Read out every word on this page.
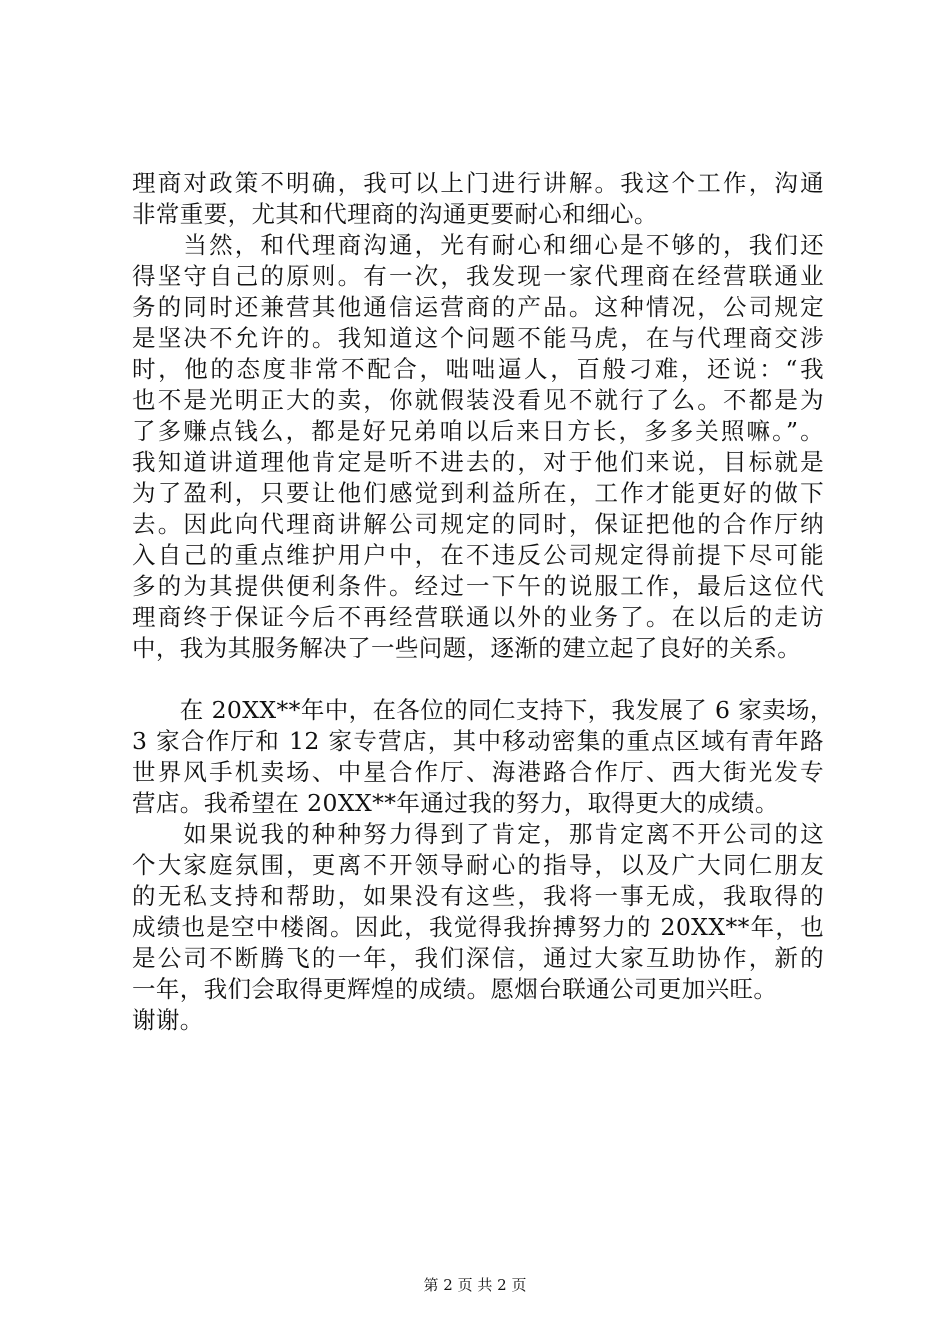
理商对政策不明确，我可以上门进行讲解。我这个工作，沟通
非常重要，尤其和代理商的沟通更要耐心和细心。
　　当然，和代理商沟通，光有耐心和细心是不够的，我们还
得坚守自己的原则。有一次，我发现一家代理商在经营联通业
务的同时还兼营其他通信运营商的产品。这种情况，公司规定
是坚决不允许的。我知道这个问题不能马虎，在与代理商交涉
时，他的态度非常不配合，咄咄逼人，百般刁难，还说：“我
也不是光明正大的卖，你就假装没看见不就行了么。不都是为
了多赚点钱么，都是好兄弟咱以后来日方长，多多关照嘛。”。
我知道讲道理他肯定是听不进去的，对于他们来说，目标就是
为了盈利，只要让他们感觉到利益所在，工作才能更好的做下
去。因此向代理商讲解公司规定的同时，保证把他的合作厅纳
入自己的重点维护用户中，在不违反公司规定得前提下尽可能
多的为其提供便利条件。经过一下午的说服工作，最后这位代
理商终于保证今后不再经营联通以外的业务了。在以后的走访
中，我为其服务解决了一些问题，逐渐的建立起了良好的关系。
　　在 20XX**年中，在各位的同仁支持下，我发展了 6 家卖场，
3 家合作厅和 12 家专营店，其中移动密集的重点区域有青年路
世界风手机卖场、中星合作厅、海港路合作厅、西大街光发专
营店。我希望在 20XX**年通过我的努力，取得更大的成绩。
　　如果说我的种种努力得到了肯定，那肯定离不开公司的这
个大家庭氛围，更离不开领导耐心的指导，以及广大同仁朋友
的无私支持和帮助，如果没有这些，我将一事无成，我取得的
成绩也是空中楼阁。因此，我觉得我拚搏努力的 20XX**年，也
是公司不断腾飞的一年，我们深信，通过大家互助协作，新的
一年，我们会取得更辉煌的成绩。愿烟台联通公司更加兴旺。
谢谢。
第 2 页 共 2 页
